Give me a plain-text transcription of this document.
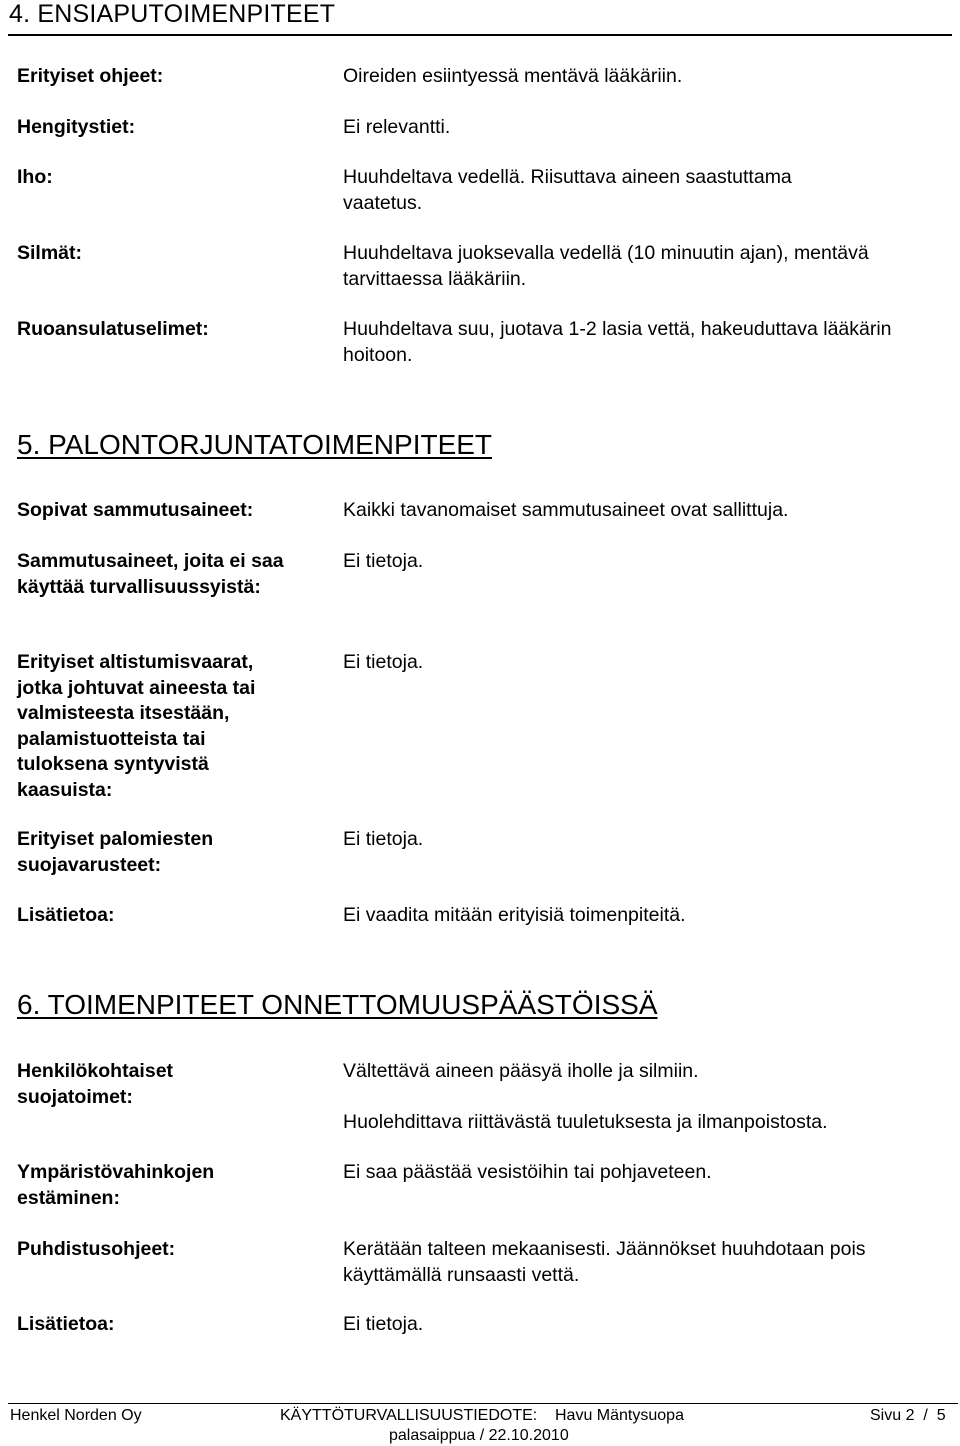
4. ENSIAPUTOIMENPITEET
Erityiset ohjeet:	Oireiden esiintyessä mentävä lääkäriin.
Hengitystiet:	Ei relevantti.
Iho:	Huuhdeltava vedellä. Riisuttava aineen saastuttama vaatetus.
Silmät:	Huuhdeltava juoksevalla vedellä (10 minuutin ajan), mentävä tarvittaessa lääkäriin.
Ruoansulatuselimet:	Huuhdeltava suu, juotava 1-2 lasia vettä, hakeuduttava lääkärin hoitoon.
5. PALONTORJUNTATOIMENPITEET
Sopivat sammutusaineet:	Kaikki tavanomaiset sammutusaineet ovat sallittuja.
Sammutusaineet, joita ei saa käyttää turvallisuussyistä:
Ei tietoja.
Erityiset altistumisvaarat, jotka johtuvat aineesta tai valmisteesta itsestään, palamistuotteista tai tuloksena syntyvistä kaasuista:
Ei tietoja.
Erityiset palomiesten suojavarusteet:
Ei tietoja.
Lisätietoa:	Ei vaadita mitään erityisiä toimenpiteitä.
6. TOIMENPITEET ONNETTOMUUSPÄÄSTÖISSÄ
Henkilökohtaiset suojatoimet:
Vältettävä aineen pääsyä iholle ja silmiin.
Huolehdittava riittävästä tuuletuksesta ja ilmanpoistosta.
Ympäristövahinkojen estäminen:
Ei saa päästää vesistöihin tai pohjaveteen.
Puhdistusohjeet:	Kerätään talteen mekaanisesti. Jäännökset huuhdotaan pois käyttämällä runsaasti vettä.
Lisätietoa:	Ei tietoja.
Henkel Norden Oy	KÄYTTÖTURVALLISUUSTIEDOTE: Havu Mäntysuopa
palasaippua / 22.10.2010
Sivu 2  /  5
